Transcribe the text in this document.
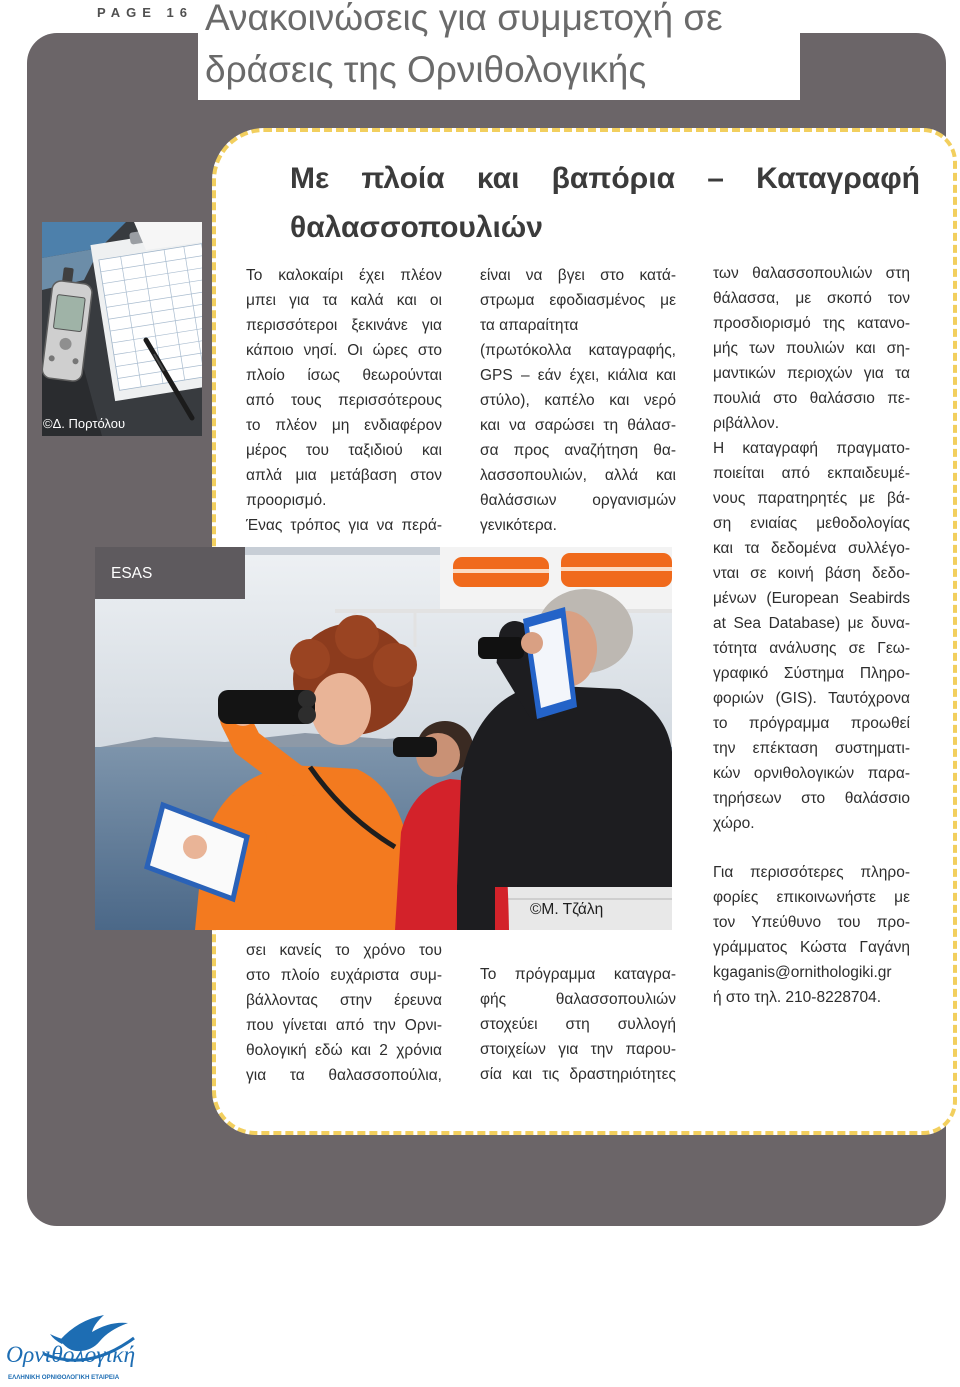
PAGE 16 Ανακοινώσεις για συμμετοχή σε
δράσεις της Ορνιθολογικής
Με πλοία και βαπόρια – Καταγραφή
θαλασσοπουλιών
Το καλοκαίρι έχει πλέον
μπει για τα καλά και οι
περισσότεροι ξεκινάνε για
κάποιο νησί. Οι ώρες στο
πλοίο ίσως θεωρούνται
από τους περισσότερους
το πλέον μη ενδιαφέρον
μέρος του ταξιδιού και
απλά μια μετάβαση στον
προορισμό.
Ένας τρόπος για να περά-
είναι να βγει στο κατά-
στρωμα εφοδιασμένος με
τα απαραίτητα
(πρωτόκολλα καταγραφής,
GPS – εάν έχει, κιάλια και
στύλο), καπέλο και νερό
και να σαρώσει τη θάλασ-
σα προς αναζήτηση θα-
λασσοπουλιών, αλλά και
θαλάσσιων οργανισμών
γενικότερα.
των θαλασσοπουλιών στη
θάλασσα, με σκοπό τον
προσδιορισμό της κατανο-
μής των πουλιών και ση-
μαντικών περιοχών για τα
πουλιά στο θαλάσσιο πε-
ριβάλλον.
Η καταγραφή πραγματο-
ποιείται από εκπαιδευμέ-
νους παρατηρητές με βά-
ση ενιαίας μεθοδολογίας
και τα δεδομένα συλλέγο-
νται σε κοινή βάση δεδο-
μένων (European Seabirds
at Sea Database) με δυνα-
τότητα ανάλυσης σε Γεω-
γραφικό Σύστημα Πληρο-
φοριών (GIS). Ταυτόχρονα
το πρόγραμμα προωθεί
την επέκταση συστηματι-
κών ορνιθολογικών παρα-
τηρήσεων στο θαλάσσιο
χώρο.
σει κανείς το χρόνο του
στο πλοίο ευχάριστα συμ-
βάλλοντας στην έρευνα
που γίνεται από την Ορνι-
θολογική εδώ και 2 χρόνια
για τα θαλασσοπούλια,
Το πρόγραμμα καταγρα-
φής θαλασσοπουλιών
στοχεύει στη συλλογή
στοιχείων για την παρου-
σία και τις δραστηριότητες
Για περισσότερες πληρο-
φορίες επικοινωνήστε με
τον Υπεύθυνο του προ-
γράμματος Κώστα Γαγάνη
kgaganis@ornithologiki.gr
ή στο τηλ. 210-8228704.
©Δ. Πορτόλου
ESAS
©Μ. Τζάλη
Ορνιθολογική
ΕΛΛΗΝΙΚΗ ΟΡΝΙΘΟΛΟΓΙΚΗ ΕΤΑΙΡΕΙΑ
